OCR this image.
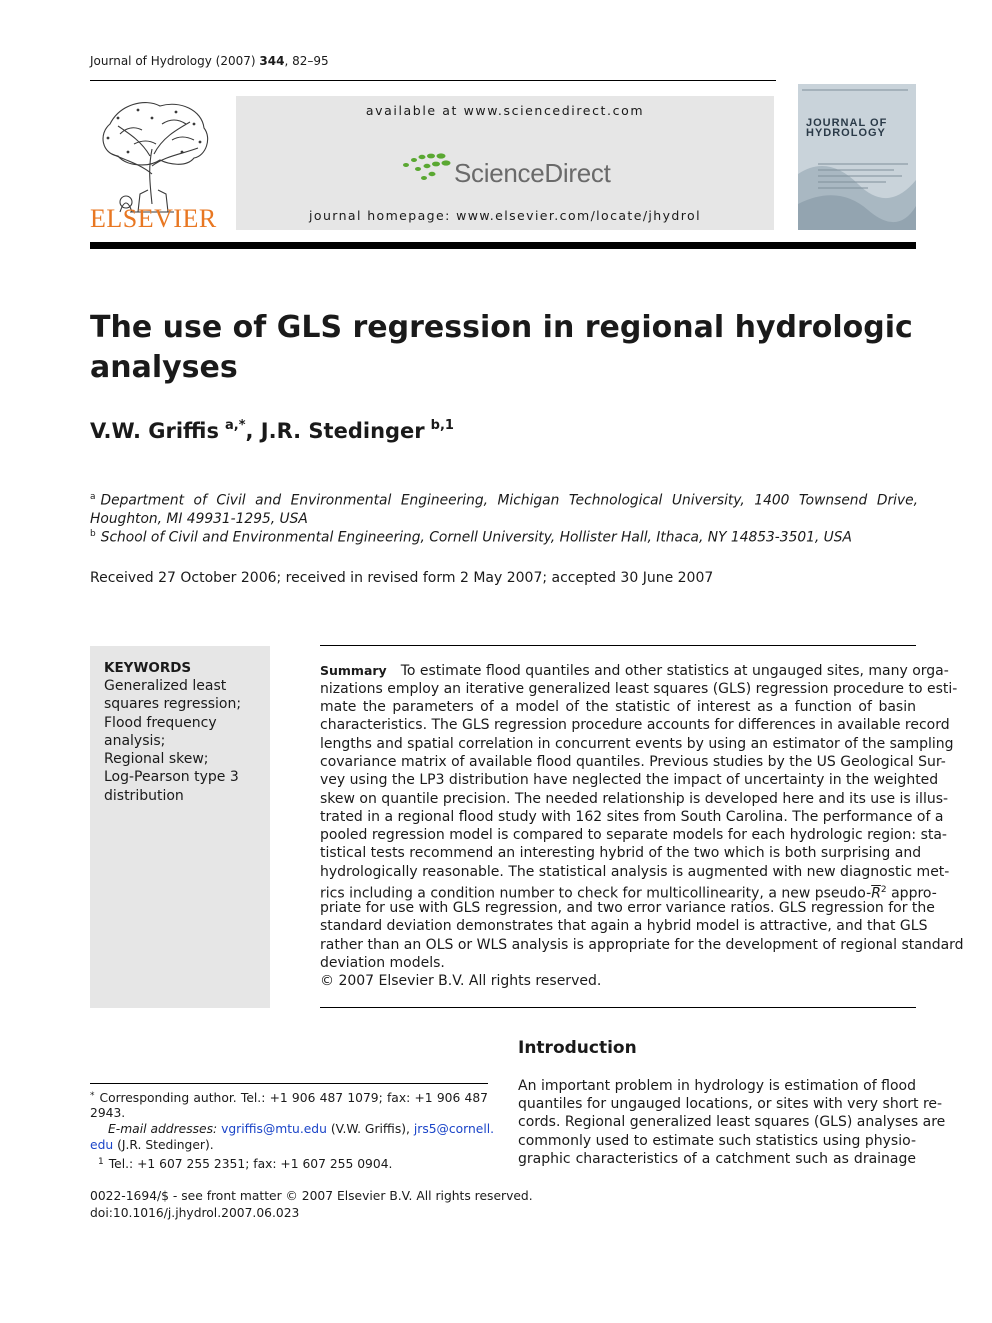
Journal of Hydrology (2007) 344, 82–95
ELSEVIER
available at www.sciencedirect.com
ScienceDirect
journal homepage: www.elsevier.com/locate/jhydrol
JOURNAL OF
HYDROLOGY
The use of GLS regression in regional hydrologic analyses
V.W. Griffis $^{a,*}$, J.R. Stedinger $^{b,1}$
$^a$ Department of Civil and Environmental Engineering, Michigan Technological University, 1400 Townsend Drive, Houghton, MI 49931-1295, USA
$^b$ School of Civil and Environmental Engineering, Cornell University, Hollister Hall, Ithaca, NY 14853-3501, USA
Received 27 October 2006; received in revised form 2 May 2007; accepted 30 June 2007
KEYWORDS
Generalized least
squares regression;
Flood frequency
analysis;
Regional skew;
Log-Pearson type 3
distribution
Summary To estimate flood quantiles and other statistics at ungauged sites, many orga-
nizations employ an iterative generalized least squares (GLS) regression procedure to esti-
mate the parameters of a model of the statistic of interest as a function of basin
characteristics. The GLS regression procedure accounts for differences in available record
lengths and spatial correlation in concurrent events by using an estimator of the sampling
covariance matrix of available flood quantiles. Previous studies by the US Geological Sur-
vey using the LP3 distribution have neglected the impact of uncertainty in the weighted
skew on quantile precision. The needed relationship is developed here and its use is illus-
trated in a regional flood study with 162 sites from South Carolina. The performance of a
pooled regression model is compared to separate models for each hydrologic region: sta-
tistical tests recommend an interesting hybrid of the two which is both surprising and
hydrologically reasonable. The statistical analysis is augmented with new diagnostic met-
rics including a condition number to check for multicollinearity, a new pseudo-$\overline{R}^2$ appro-
priate for use with GLS regression, and two error variance ratios. GLS regression for the
standard deviation demonstrates that again a hybrid model is attractive, and that GLS
rather than an OLS or WLS analysis is appropriate for the development of regional standard
deviation models.
© 2007 Elsevier B.V. All rights reserved.
Introduction
An important problem in hydrology is estimation of flood
quantiles for ungauged locations, or sites with very short re-
cords. Regional generalized least squares (GLS) analyses are
commonly used to estimate such statistics using physio-
graphic characteristics of a catchment such as drainage
* Corresponding author. Tel.: +1 906 487 1079; fax: +1 906 487
2943.
E-mail addresses: vgriffis@mtu.edu (V.W. Griffis), jrs5@cornell.
edu (J.R. Stedinger).
$^1$ Tel.: +1 607 255 2351; fax: +1 607 255 0904.
0022-1694/$ - see front matter © 2007 Elsevier B.V. All rights reserved.
doi:10.1016/j.jhydrol.2007.06.023
